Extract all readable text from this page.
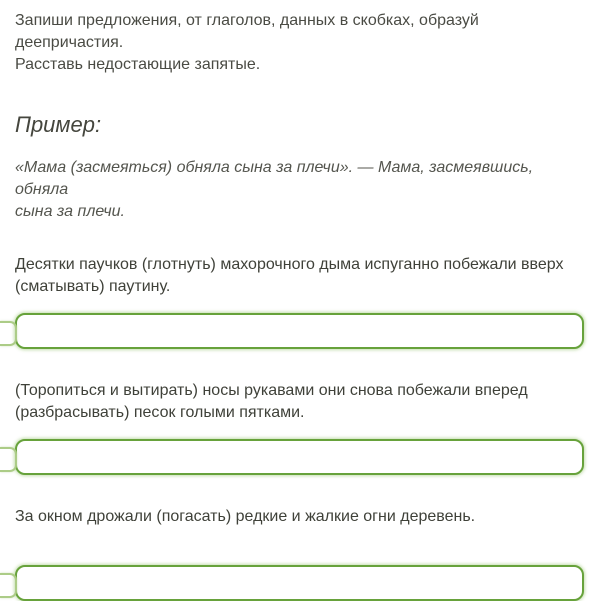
Запиши предложения, от глаголов, данных в скобках, образуй деепричастия.
Расставь недостающие запятые.

Пример:

«Мама (засмеяться) обняла сына за плечи». — Мама, засмеявшись, обняла
сына за плечи.

Десятки паучков (глотнуть) махорочного дыма испуганно побежали вверх
(сматывать) паутину.

(Торопиться и вытирать) носы рукавами они снова побежали вперед
(разбрасывать) песок голыми пятками.

За окном дрожали (погасать) редкие и жалкие огни деревень.
